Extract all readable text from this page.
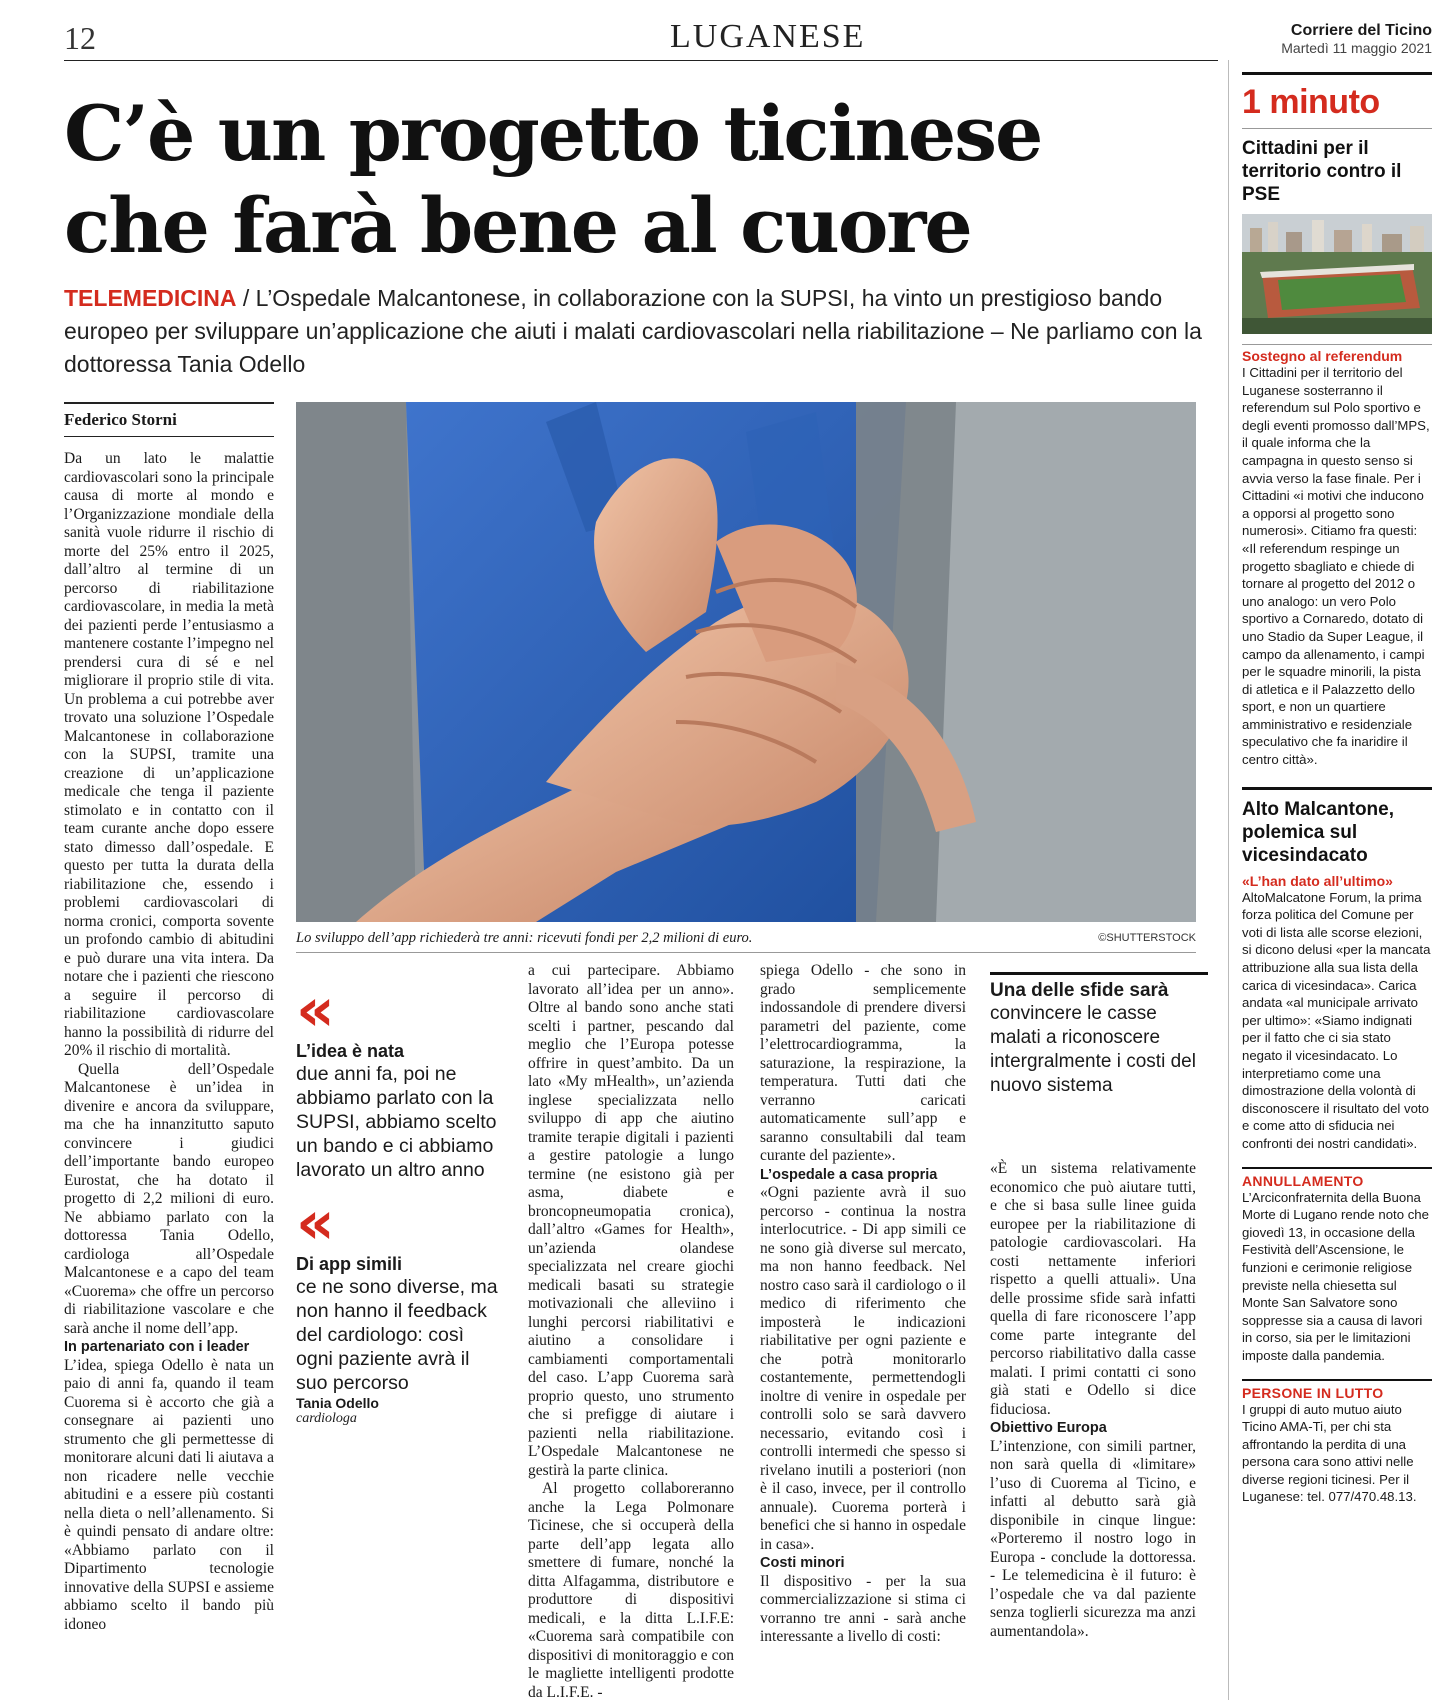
12	LUGANESE	Corriere del Ticino
Martedì 11 maggio 2021
C’è un progetto ticinese
che farà bene al cuore
TELEMEDICINA / L’Ospedale Malcantonese, in collaborazione con la SUPSI, ha vinto un prestigioso bando europeo per sviluppare un’applicazione che aiuti i malati cardiovascolari nella riabilitazione – Ne parliamo con la dottoressa Tania Odello
Federico Storni

Da un lato le malattie cardiovascolari sono la principale causa di morte al mondo e l’Organizzazione mondiale della sanità vuole ridurre il rischio di morte del 25% entro il 2025, dall’altro al termine di un percorso di riabilitazione cardiovascolare, in media la metà dei pazienti perde l’entusiasmo a mantenere costante l’impegno nel prendersi cura di sé e nel migliorare il proprio stile di vita. Un problema a cui potrebbe aver trovato una soluzione l’Ospedale Malcantonese in collaborazione con la SUPSI, tramite una creazione di un’applicazione medicale che tenga il paziente stimolato e in contatto con il team curante anche dopo essere stato dimesso dall’ospedale. E questo per tutta la durata della riabilitazione che, essendo i problemi cardiovascolari di norma cronici, comporta sovente un profondo cambio di abitudini e può durare una vita intera. Da notare che i pazienti che riescono a seguire il percorso di riabilitazione cardiovascolare hanno la possibilità di ridurre del 20% il rischio di mortalità.

Quella dell’Ospedale Malcantonese è un’idea in divenire e ancora da sviluppare, ma che ha innanzitutto saputo convincere i giudici dell’importante bando europeo Eurostat, che ha dotato il progetto di 2,2 milioni di euro. Ne abbiamo parlato con la dottoressa Tania Odello, cardiologa all’Ospedale Malcantonese e a capo del team «Cuorema» che offre un percorso di riabilitazione vascolare e che sarà anche il nome dell’app.

In partenariato con i leader

L’idea, spiega Odello è nata un paio di anni fa, quando il team Cuorema si è accorto che già a consegnare ai pazienti uno strumento che gli permettesse di monitorare alcuni dati li aiutava a non ricadere nelle vecchie abitudini e a essere più costanti nella dieta o nell’allenamento. Si è quindi pensato di andare oltre: «Abbiamo parlato con il Dipartimento tecnologie innovative della SUPSI e assieme abbiamo scelto il bando più idoneo

Lo sviluppo dell’app richiederà tre anni: ricevuti fondi per 2,2 milioni di euro.	©SHUTTERSTOCK
«
L’idea è nata
due anni fa, poi ne abbiamo parlato con la SUPSI, abbiamo scelto un bando e ci abbiamo lavorato un altro anno
«
Di app simili
ce ne sono diverse, ma non hanno il feedback del cardiologo: così ogni paziente avrà il suo percorso
Tania Odello
cardiologa

a cui partecipare. Abbiamo lavorato all’idea per un anno». Oltre al bando sono anche stati scelti i partner, pescando dal meglio che l’Europa potesse offrire in quest’ambito. Da un lato «My mHealth», un’azienda inglese specializzata nello sviluppo di app che aiutino tramite terapie digitali i pazienti a gestire patologie a lungo termine (ne esistono già per asma, diabete e broncopneumopatia cronica), dall’altro «Games for Health», un’azienda olandese specializzata nel creare giochi medicali basati su strategie motivazionali che alleviino i lunghi percorsi riabilitativi e aiutino a consolidare i cambiamenti comportamentali del caso. L’app Cuorema sarà proprio questo, uno strumento che si prefigge di aiutare i pazienti nella riabilitazione. L’Ospedale Malcantonese ne gestirà la parte clinica.

Al progetto collaboreranno anche la Lega Polmonare Ticinese, che si occuperà della parte dell’app legata allo smettere di fumare, nonché la ditta Alfagamma, distributore e produttore di dispositivi medicali, e la ditta L.I.F.E: «Cuorema sarà compatibile con dispositivi di monitoraggio e con le magliette intelligenti prodotte da L.I.F.E. -

spiega Odello - che sono in grado semplicemente indossandole di prendere diversi parametri del paziente, come l’elettrocardiogramma, la saturazione, la respirazione, la temperatura. Tutti dati che verranno caricati automaticamente sull’app e saranno consultabili dal team curante del paziente».

L’ospedale a casa propria

«Ogni paziente avrà il suo percorso - continua la nostra interlocutrice. - Di app simili ce ne sono già diverse sul mercato, ma non hanno feedback. Nel nostro caso sarà il cardiologo o il medico di riferimento che imposterà le indicazioni riabilitative per ogni paziente e che potrà monitorarlo costantemente, permettendogli inoltre di venire in ospedale per controlli solo se sarà davvero necessario, evitando così i controlli intermedi che spesso si rivelano inutili a posteriori (non è il caso, invece, per il controllo annuale). Cuorema porterà i benefici che si hanno in ospedale in casa».

Costi minori

Il dispositivo - per la sua commercializzazione si stima ci vorranno tre anni - sarà anche interessante a livello di costi:

Una delle sfide sarà
convincere le casse malati a riconoscere intergralmente i costi del nuovo sistema

«È un sistema relativamente economico che può aiutare tutti, e che si basa sulle linee guida europee per la riabilitazione di patologie cardiovascolari. Ha costi nettamente inferiori rispetto a quelli attuali». Una delle prossime sfide sarà infatti quella di fare riconoscere l’app come parte integrante del percorso riabilitativo dalla casse malati. I primi contatti ci sono già stati e Odello si dice fiduciosa.

Obiettivo Europa

L’intenzione, con simili partner, non sarà quella di «limitare» l’uso di Cuorema al Ticino, e infatti al debutto sarà già disponibile in cinque lingue: «Porteremo il nostro logo in Europa - conclude la dottoressa. - Le telemedicina è il futuro: è l’ospedale che va dal paziente senza toglierli sicurezza ma anzi aumentandola».

1 minuto
Cittadini per il territorio contro il PSE
Sostegno al referendum
I Cittadini per il territorio del Luganese sosterranno il referendum sul Polo sportivo e degli eventi promosso dall’MPS, il quale informa che la campagna in questo senso si avvia verso la fase finale. Per i Cittadini «i motivi che inducono a opporsi al progetto sono numerosi». Citiamo fra questi: «Il referendum respinge un progetto sbagliato e chiede di tornare al progetto del 2012 o uno analogo: un vero Polo sportivo a Cornaredo, dotato di uno Stadio da Super League, il campo da allenamento, i campi per le squadre minorili, la pista di atletica e il Palazzetto dello sport, e non un quartiere amministrativo e residenziale speculativo che fa inaridire il centro città».
Alto Malcantone, polemica sul vicesindacato
«L’han dato all’ultimo»
AltoMalcatone Forum, la prima forza politica del Comune per voti di lista alle scorse elezioni, si dicono delusi «per la mancata attribuzione alla sua lista della carica di vicesindaca». Carica andata «al municipale arrivato per ultimo»: «Siamo indignati per il fatto che ci sia stato negato il vicesindacato. Lo interpretiamo come una dimostrazione della volontà di disconoscere il risultato del voto e come atto di sfiducia nei confronti dei nostri candidati».
ANNULLAMENTO
L’Arciconfraternita della Buona Morte di Lugano rende noto che giovedì 13, in occasione della Festività dell’Ascensione, le funzioni e cerimonie religiose previste nella chiesetta sul Monte San Salvatore sono soppresse sia a causa di lavori in corso, sia per le limitazioni imposte dalla pandemia.
PERSONE IN LUTTO
I gruppi di auto mutuo aiuto Ticino AMA-Ti, per chi sta affrontando la perdita di una persona cara sono attivi nelle diverse regioni ticinesi. Per il Luganese: tel. 077/470.48.13.
